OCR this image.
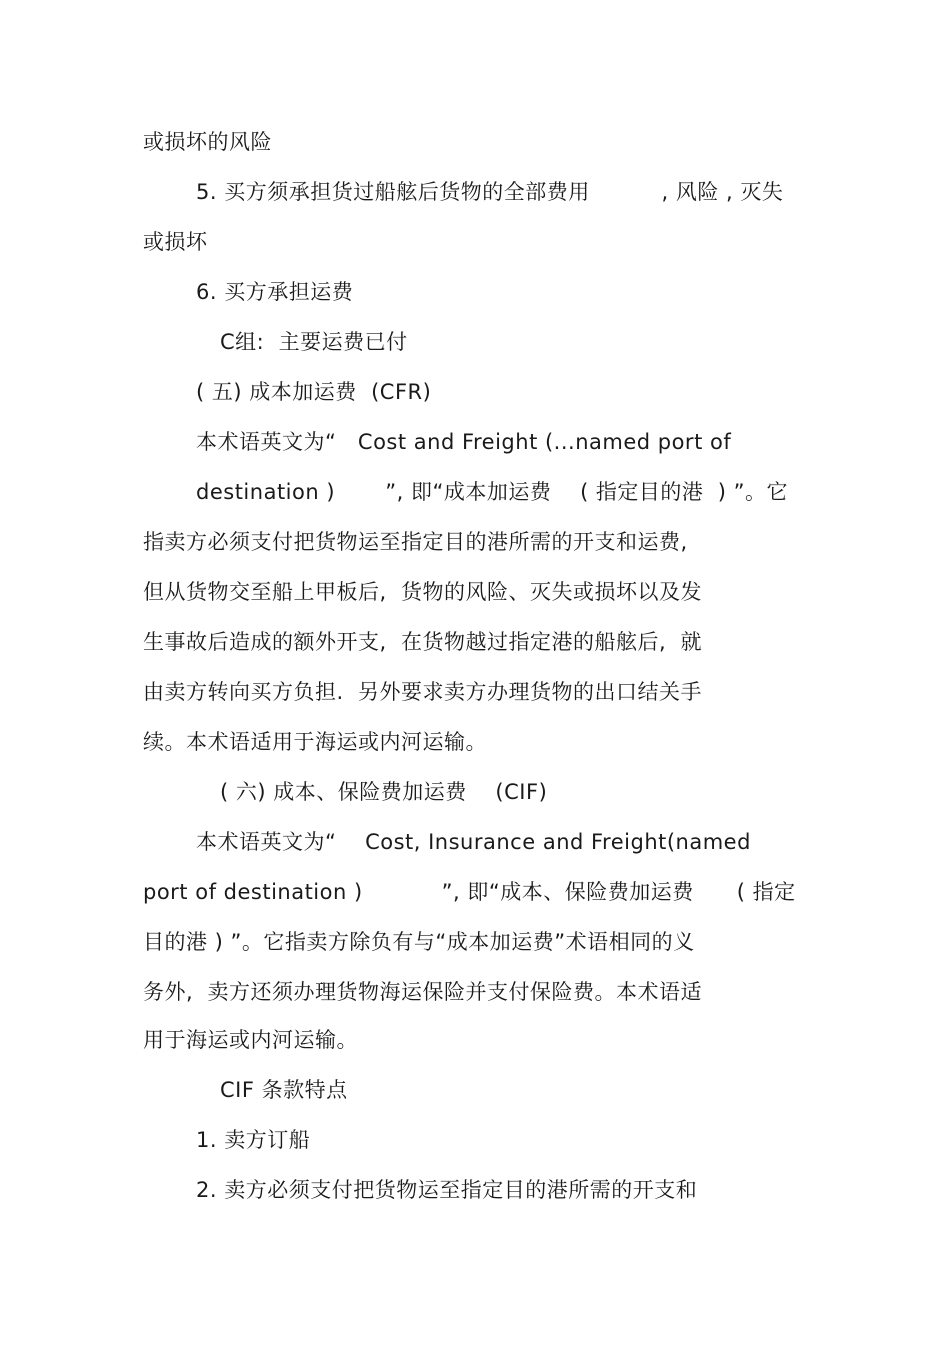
或损坏的风险
5. 买方须承担货过船舷后货物的全部费用          , 风险 , 灭失
或损坏
6. 买方承担运费
C组:  主要运费已付
( 五) 成本加运费  (CFR)
本术语英文为“   Cost and Freight (...named port of
destination )       ”, 即“成本加运费    ( 指定目的港  ) ”。它
指卖方必须支付把货物运至指定目的港所需的开支和运费,
但从货物交至船上甲板后,  货物的风险、灭失或损坏以及发
生事故后造成的额外开支,  在货物越过指定港的船舷后,  就
由卖方转向买方负担.  另外要求卖方办理货物的出口结关手
续。本术语适用于海运或内河运输。
( 六) 成本、保险费加运费    (CIF)
本术语英文为“    Cost, Insurance and Freight(named
port of destination )           ”, 即“成本、保险费加运费      ( 指定
目的港 ) ”。它指卖方除负有与“成本加运费”术语相同的义
务外,  卖方还须办理货物海运保险并支付保险费。本术语适
用于海运或内河运输。
CIF 条款特点
1. 卖方订船
2. 卖方必须支付把货物运至指定目的港所需的开支和
